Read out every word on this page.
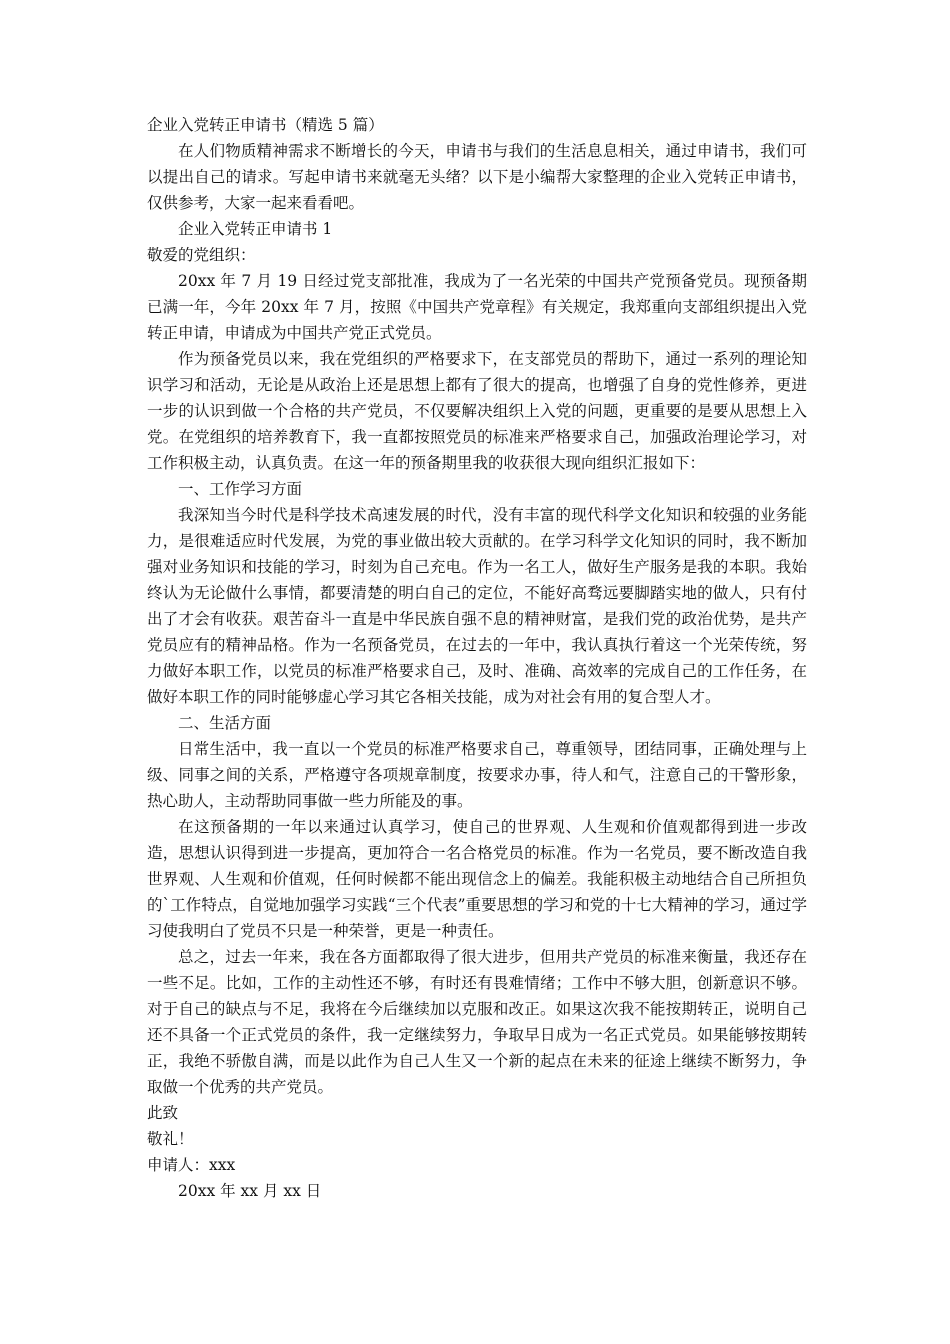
企业入党转正申请书（精选 5 篇）

在人们物质精神需求不断增长的今天，申请书与我们的生活息息相关，通过申请书，我们可以提出自己的请求。写起申请书来就毫无头绪？以下是小编帮大家整理的企业入党转正申请书，仅供参考，大家一起来看看吧。

企业入党转正申请书 1

敬爱的党组织：

20xx 年 7 月 19 日经过党支部批准，我成为了一名光荣的中国共产党预备党员。现预备期已满一年，今年 20xx 年 7 月，按照《中国共产党章程》有关规定，我郑重向支部组织提出入党转正申请，申请成为中国共产党正式党员。

作为预备党员以来，我在党组织的严格要求下，在支部党员的帮助下，通过一系列的理论知识学习和活动，无论是从政治上还是思想上都有了很大的提高，也增强了自身的党性修养，更进一步的认识到做一个合格的共产党员，不仅要解决组织上入党的问题，更重要的是要从思想上入党。在党组织的培养教育下，我一直都按照党员的标准来严格要求自己，加强政治理论学习，对工作积极主动，认真负责。在这一年的预备期里我的收获很大现向组织汇报如下：

一、工作学习方面

我深知当今时代是科学技术高速发展的时代，没有丰富的现代科学文化知识和较强的业务能力，是很难适应时代发展，为党的事业做出较大贡献的。在学习科学文化知识的同时，我不断加强对业务知识和技能的学习，时刻为自己充电。作为一名工人，做好生产服务是我的本职。我始终认为无论做什么事情，都要清楚的明白自己的定位，不能好高骛远要脚踏实地的做人，只有付出了才会有收获。艰苦奋斗一直是中华民族自强不息的精神财富，是我们党的政治优势，是共产党员应有的精神品格。作为一名预备党员，在过去的一年中，我认真执行着这一个光荣传统，努力做好本职工作，以党员的标准严格要求自己，及时、准确、高效率的完成自己的工作任务，在做好本职工作的同时能够虚心学习其它各相关技能，成为对社会有用的复合型人才。

二、生活方面

日常生活中，我一直以一个党员的标准严格要求自己，尊重领导，团结同事，正确处理与上级、同事之间的关系，严格遵守各项规章制度，按要求办事，待人和气，注意自己的干警形象，热心助人，主动帮助同事做一些力所能及的事。

在这预备期的一年以来通过认真学习，使自己的世界观、人生观和价值观都得到进一步改造，思想认识得到进一步提高，更加符合一名合格党员的标准。作为一名党员，要不断改造自我世界观、人生观和价值观，任何时候都不能出现信念上的偏差。我能积极主动地结合自己所担负的`工作特点，自觉地加强学习实践“三个代表”重要思想的学习和党的十七大精神的学习，通过学习使我明白了党员不只是一种荣誉，更是一种责任。

总之，过去一年来，我在各方面都取得了很大进步，但用共产党员的标准来衡量，我还存在一些不足。比如，工作的主动性还不够，有时还有畏难情绪；工作中不够大胆，创新意识不够。对于自己的缺点与不足，我将在今后继续加以克服和改正。如果这次我不能按期转正，说明自己还不具备一个正式党员的条件，我一定继续努力，争取早日成为一名正式党员。如果能够按期转正，我绝不骄傲自满，而是以此作为自己人生又一个新的起点在未来的征途上继续不断努力，争取做一个优秀的共产党员。

此致

敬礼！

申请人：xxx

20xx 年 xx 月 xx 日
